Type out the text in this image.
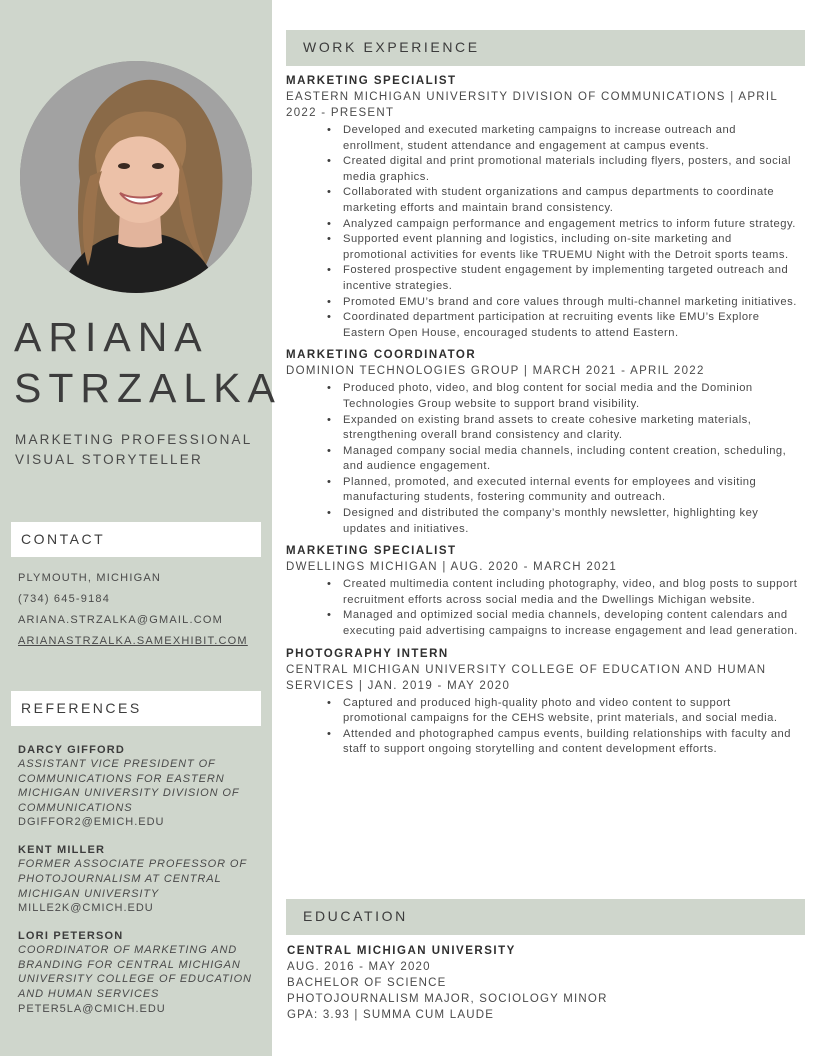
ARIANA
STRZALKA
MARKETING PROFESSIONAL
VISUAL STORYTELLER
CONTACT
PLYMOUTH, MICHIGAN
(734) 645-9184
ARIANA.STRZALKA@GMAIL.COM
ARIANASTRZALKA.SAMEXHIBIT.COM
REFERENCES
DARCY GIFFORD
ASSISTANT VICE PRESIDENT OF COMMUNICATIONS FOR EASTERN MICHIGAN UNIVERSITY DIVISION OF COMMUNICATIONS
DGIFFOR2@EMICH.EDU
KENT MILLER
FORMER ASSOCIATE PROFESSOR OF PHOTOJOURNALISM AT CENTRAL MICHIGAN UNIVERSITY
MILLE2K@CMICH.EDU
LORI PETERSON
COORDINATOR OF MARKETING AND BRANDING FOR CENTRAL MICHIGAN UNIVERSITY COLLEGE OF EDUCATION AND HUMAN SERVICES
PETER5LA@CMICH.EDU
WORK EXPERIENCE
MARKETING SPECIALIST
EASTERN MICHIGAN UNIVERSITY DIVISION OF COMMUNICATIONS | APRIL 2022 - PRESENT
• Developed and executed marketing campaigns to increase outreach and enrollment, student attendance and engagement at campus events.
• Created digital and print promotional materials including flyers, posters, and social media graphics.
• Collaborated with student organizations and campus departments to coordinate marketing efforts and maintain brand consistency.
• Analyzed campaign performance and engagement metrics to inform future strategy.
• Supported event planning and logistics, including on-site marketing and promotional activities for events like TRUEMU Night with the Detroit sports teams.
• Fostered prospective student engagement by implementing targeted outreach and incentive strategies.
• Promoted EMU’s brand and core values through multi-channel marketing initiatives.
• Coordinated department participation at recruiting events like EMU’s Explore Eastern Open House, encouraged students to attend Eastern.
MARKETING COORDINATOR
DOMINION TECHNOLOGIES GROUP | MARCH 2021 - APRIL 2022
• Produced photo, video, and blog content for social media and the Dominion Technologies Group website to support brand visibility.
• Expanded on existing brand assets to create cohesive marketing materials, strengthening overall brand consistency and clarity.
• Managed company social media channels, including content creation, scheduling, and audience engagement.
• Planned, promoted, and executed internal events for employees and visiting manufacturing students, fostering community and outreach.
• Designed and distributed the company’s monthly newsletter, highlighting key updates and initiatives.
MARKETING SPECIALIST
DWELLINGS MICHIGAN | AUG. 2020 - MARCH 2021
• Created multimedia content including photography, video, and blog posts to support recruitment efforts across social media and the Dwellings Michigan website.
• Managed and optimized social media channels, developing content calendars and executing paid advertising campaigns to increase engagement and lead generation.
PHOTOGRAPHY INTERN
CENTRAL MICHIGAN UNIVERSITY COLLEGE OF EDUCATION AND HUMAN SERVICES | JAN. 2019 - MAY 2020
• Captured and produced high-quality photo and video content to support promotional campaigns for the CEHS website, print materials, and social media.
• Attended and photographed campus events, building relationships with faculty and staff to support ongoing storytelling and content development efforts.
EDUCATION
CENTRAL MICHIGAN UNIVERSITY
AUG. 2016 - MAY 2020
BACHELOR OF SCIENCE
PHOTOJOURNALISM MAJOR, SOCIOLOGY MINOR
GPA: 3.93 | SUMMA CUM LAUDE
